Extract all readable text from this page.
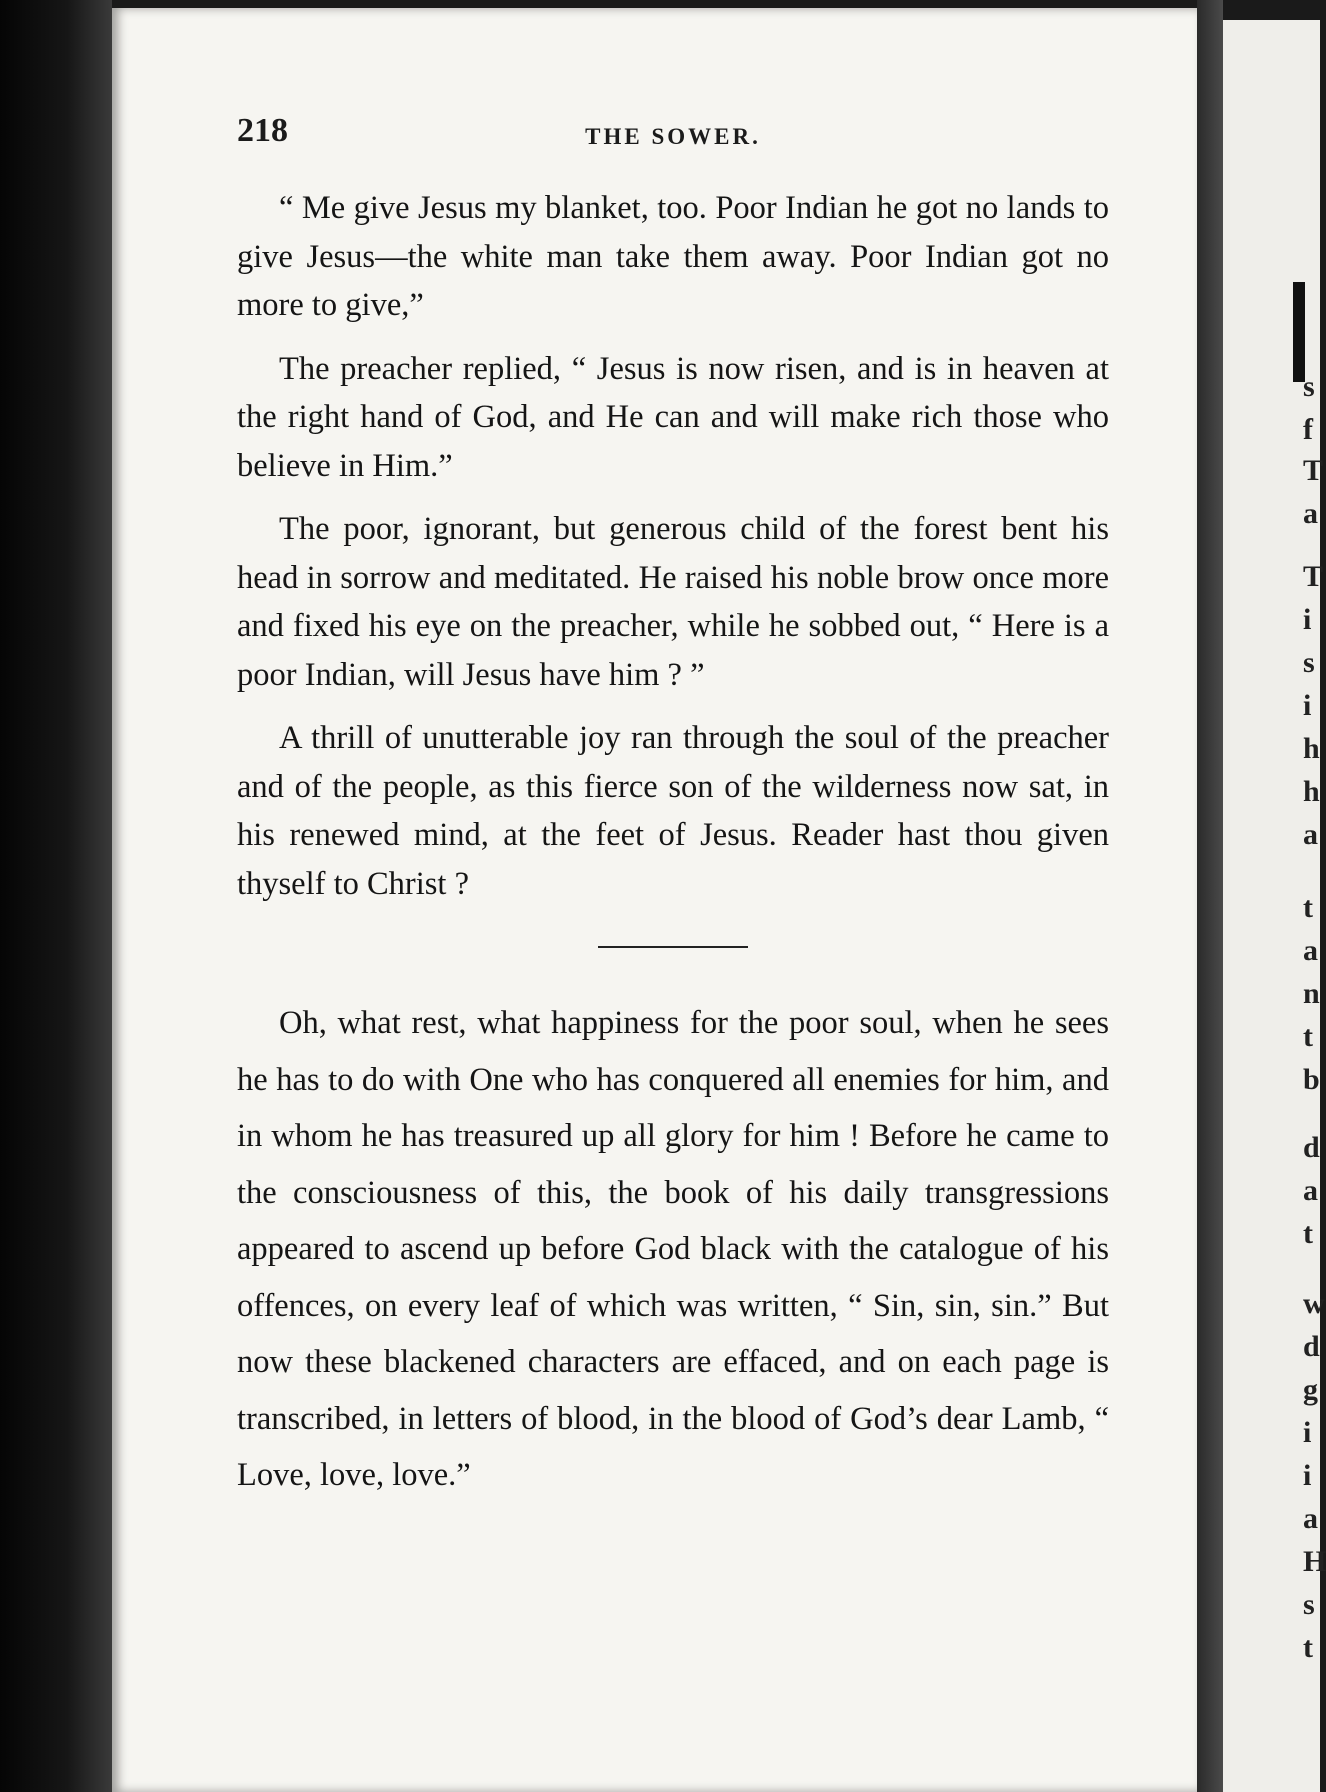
218	THE SOWER.

“ Me give Jesus my blanket, too. Poor Indian he got no lands to give Jesus—the white man take them away. Poor Indian got no more to give,”

The preacher replied, “ Jesus is now risen, and is in heaven at the right hand of God, and He can and will make rich those who believe in Him.”

The poor, ignorant, but generous child of the forest bent his head in sorrow and meditated. He raised his noble brow once more and fixed his eye on the preacher, while he sobbed out, “ Here is a poor Indian, will Jesus have him ? ”

A thrill of unutterable joy ran through the soul of the preacher and of the people, as this fierce son of the wilderness now sat, in his renewed mind, at the feet of Jesus. Reader hast thou given thyself to Christ ?

Oh, what rest, what happiness for the poor soul, when he sees he has to do with One who has conquered all enemies for him, and in whom he has treasured up all glory for him ! Before he came to the consciousness of this, the book of his daily transgressions appeared to ascend up before God black with the catalogue of his offences, on every leaf of which was written, “ Sin, sin, sin.” But now these blackened characters are effaced, and on each page is transcribed, in letters of blood, in the blood of God’s dear Lamb, “ Love, love, love.”

s
f
T
a
T
i
s
i
h
h
a
t
a
n
t
b
d
a
t
w
d
g
i
i
a
H
s
t
